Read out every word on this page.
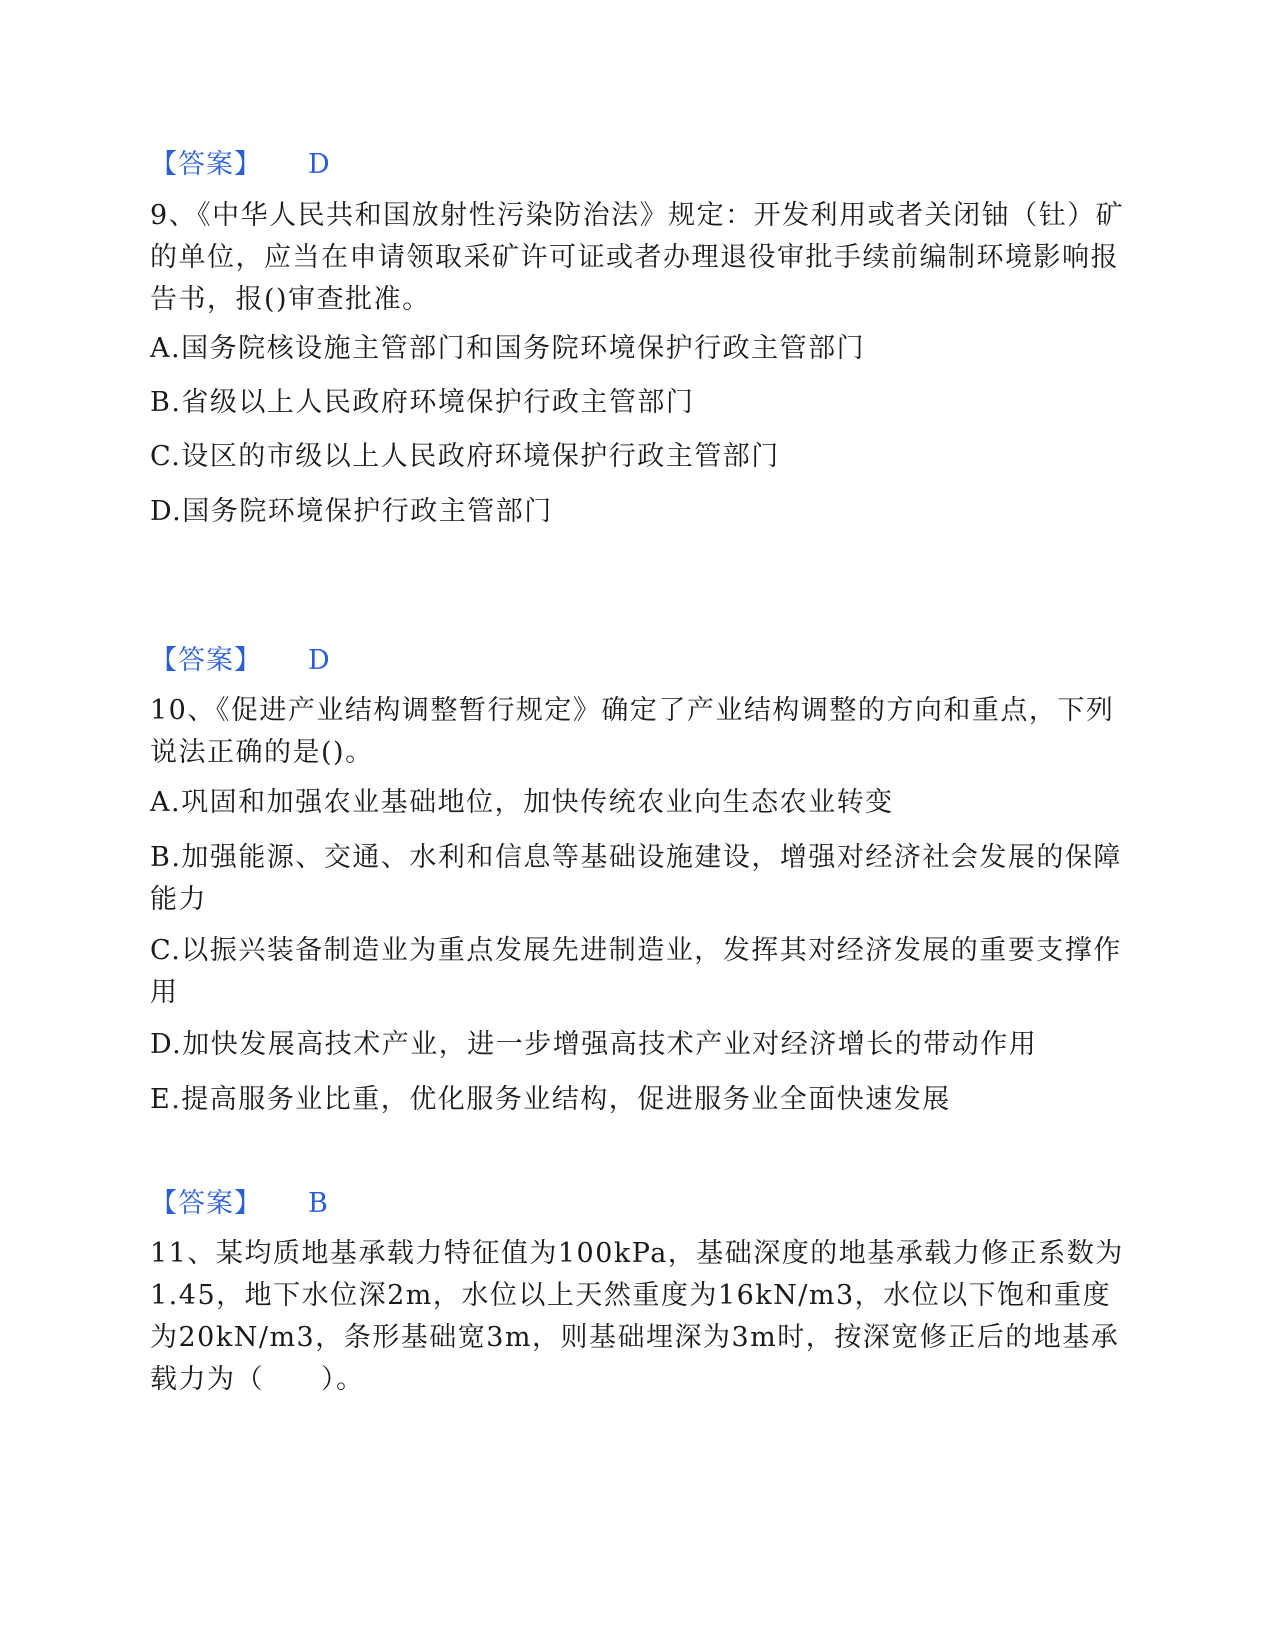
【答案】 D
9、《中华人民共和国放射性污染防治法》规定：开发利用或者关闭铀（钍）矿的单位，应当在申请领取采矿许可证或者办理退役审批手续前编制环境影响报告书，报()审查批准。
A.国务院核设施主管部门和国务院环境保护行政主管部门
B.省级以上人民政府环境保护行政主管部门
C.设区的市级以上人民政府环境保护行政主管部门
D.国务院环境保护行政主管部门
【答案】 D
10、《促进产业结构调整暂行规定》确定了产业结构调整的方向和重点，下列说法正确的是()。
A.巩固和加强农业基础地位，加快传统农业向生态农业转变
B.加强能源、交通、水利和信息等基础设施建设，增强对经济社会发展的保障能力
C.以振兴装备制造业为重点发展先进制造业，发挥其对经济发展的重要支撑作用
D.加快发展高技术产业，进一步增强高技术产业对经济增长的带动作用
E.提高服务业比重，优化服务业结构，促进服务业全面快速发展
【答案】 B
11、某均质地基承载力特征值为100kPa，基础深度的地基承载力修正系数为1.45，地下水位深2m，水位以上天然重度为16kN/m3，水位以下饱和重度为20kN/m3，条形基础宽3m，则基础埋深为3m时，按深宽修正后的地基承载力为（　　）。
